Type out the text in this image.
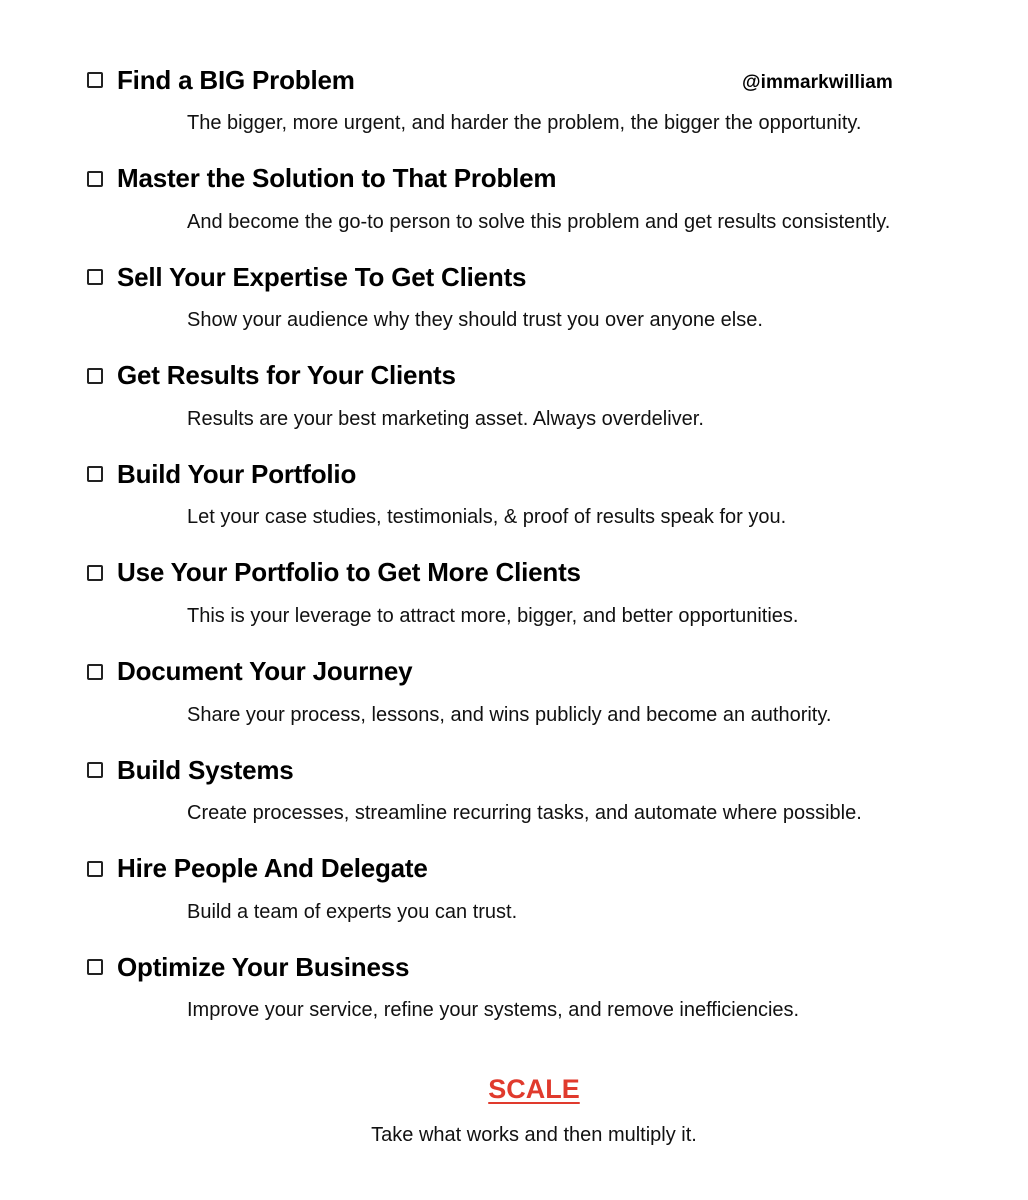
@immarkwilliam
Find a BIG Problem
The bigger, more urgent, and harder the problem, the bigger the opportunity.
Master the Solution to That Problem
And become the go-to person to solve this problem and get results consistently.
Sell Your Expertise To Get Clients
Show your audience why they should trust you over anyone else.
Get Results for Your Clients
Results are your best marketing asset. Always overdeliver.
Build Your Portfolio
Let your case studies, testimonials, & proof of results speak for you.
Use Your Portfolio to Get More Clients
This is your leverage to attract more, bigger, and better opportunities.
Document Your Journey
Share your process, lessons, and wins publicly and become an authority.
Build Systems
Create processes, streamline recurring tasks, and automate where possible.
Hire People And Delegate
Build a team of experts you can trust.
Optimize Your Business
Improve your service, refine your systems, and remove inefficiencies.
SCALE
Take what works and then multiply it.
